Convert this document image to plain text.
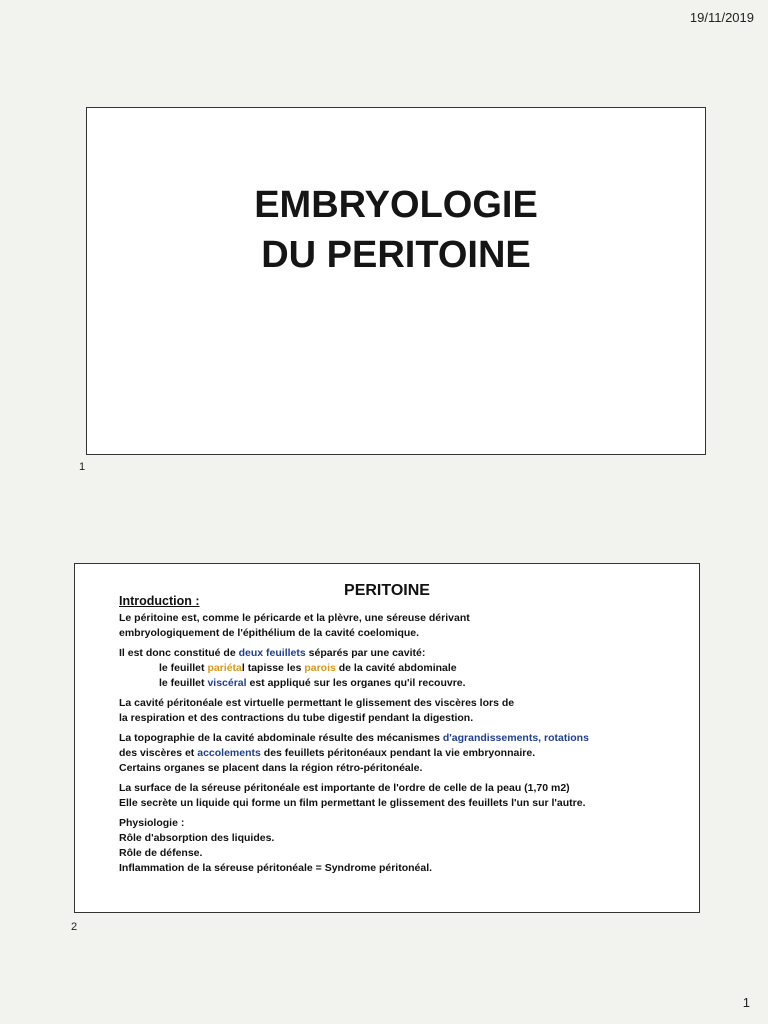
19/11/2019
EMBRYOLOGIE
DU PERITOINE
1
PERITOINE
Introduction :
Le péritoine est, comme le péricarde et la plèvre, une séreuse dérivant
embryologiquement de l'épithélium de la cavité coelomique.
Il est donc constitué de deux feuillets séparés par une cavité:
le feuillet pariétal tapisse les parois de la cavité abdominale
le feuillet viscéral est appliqué sur les organes qu'il recouvre.
La cavité péritonéale est virtuelle permettant le glissement des viscères lors de
la respiration et des contractions du tube digestif pendant la digestion.
La topographie de la cavité abdominale résulte des mécanismes d'agrandissements, rotations
des viscères et accolements des feuillets péritonéaux pendant la vie embryonnaire.
Certains organes se placent dans la région rétro-péritonéale.
La surface de la séreuse péritonéale est importante de l'ordre de celle de la peau (1,70 m2)
Elle secrète un liquide qui forme un film permettant le glissement des feuillets l'un sur l'autre.
Physiologie :
Rôle d'absorption des liquides.
Rôle de défense.
Inflammation de la séreuse péritonéale = Syndrome péritonéal.
2
1
